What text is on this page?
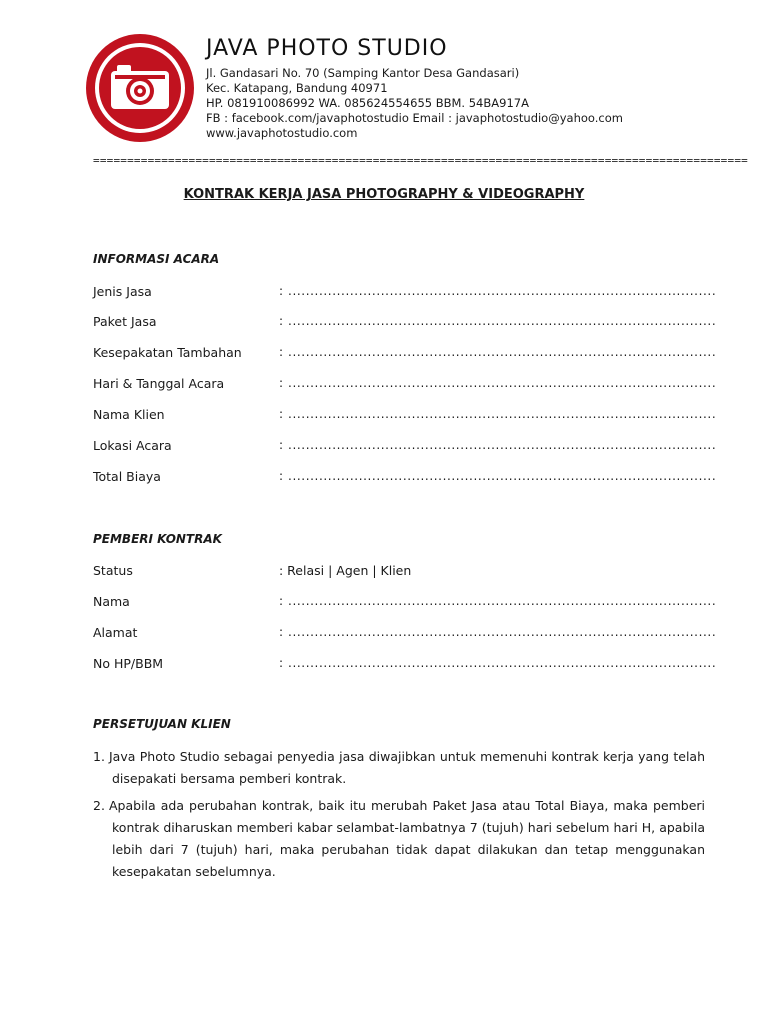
JAVA PHOTO STUDIO
Jl. Gandasari No. 70 (Samping Kantor Desa Gandasari)
Kec. Katapang, Bandung 40971
HP. 081910086992 WA. 085624554655 BBM. 54BA917A
FB : facebook.com/javaphotostudio Email : javaphotostudio@yahoo.com
www.javaphotostudio.com
================================================================================================
KONTRAK KERJA JASA PHOTOGRAPHY & VIDEOGRAPHY
INFORMASI ACARA
Jenis Jasa	: .................................................................................................
Paket Jasa	: .................................................................................................
Kesepakatan Tambahan	: .................................................................................................
Hari & Tanggal Acara	: .................................................................................................
Nama Klien	: .................................................................................................
Lokasi Acara	: .................................................................................................
Total Biaya	: .................................................................................................
PEMBERI KONTRAK
Status	: Relasi | Agen | Klien
Nama	: .................................................................................................
Alamat	: .................................................................................................
No HP/BBM	: .................................................................................................
PERSETUJUAN KLIEN
1. Java Photo Studio sebagai penyedia jasa diwajibkan untuk memenuhi kontrak kerja yang telah disepakati bersama pemberi kontrak.
2. Apabila ada perubahan kontrak, baik itu merubah Paket Jasa atau Total Biaya, maka pemberi kontrak diharuskan memberi kabar selambat-lambatnya 7 (tujuh) hari sebelum hari H, apabila lebih dari 7 (tujuh) hari, maka perubahan tidak dapat dilakukan dan tetap menggunakan kesepakatan sebelumnya.
